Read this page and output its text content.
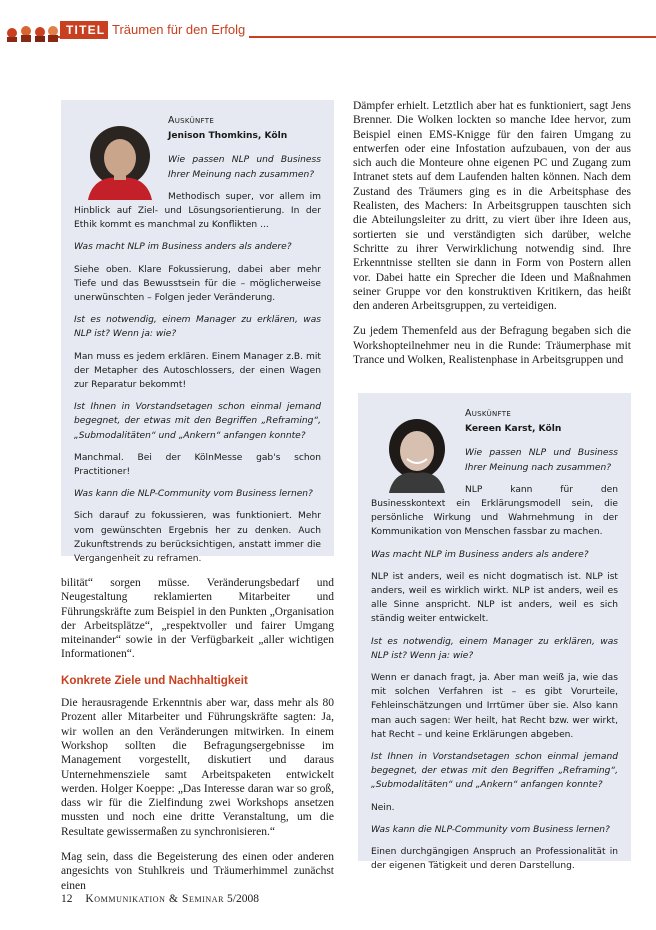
TITEL Träumen für den Erfolg

Auskünfte

Jenison Thomkins, Köln

Wie passen NLP und Business Ihrer Meinung nach zusammen?

Methodisch super, vor allem im Hinblick auf Ziel- und Lösungsorientierung. In der Ethik kommt es manchmal zu Konflikten ...

Was macht NLP im Business anders als andere?

Siehe oben. Klare Fokussierung, dabei aber mehr Tiefe und das Bewusstsein für die – möglicherweise unerwünschten – Folgen jeder Veränderung.

Ist es notwendig, einem Manager zu erklären, was NLP ist? Wenn ja: wie?

Man muss es jedem erklären. Einem Manager z.B. mit der Metapher des Autoschlossers, der einen Wagen zur Reparatur bekommt!

Ist Ihnen in Vorstandsetagen schon einmal jemand begegnet, der etwas mit den Begriffen „Reframing“, „Submodalitäten“ und „Ankern“ anfangen konnte?

Manchmal. Bei der KölnMesse gab's schon Practitioner!

Was kann die NLP-Community vom Business lernen?

Sich darauf zu fokussieren, was funktioniert. Mehr vom gewünschten Ergebnis her zu denken. Auch Zukunftstrends zu berücksichtigen, anstatt immer die Vergangenheit zu reframen.

Dämpfer erhielt. Letztlich aber hat es funktioniert, sagt Jens Brenner. Die Wolken lockten so manche Idee hervor, zum Beispiel einen EMS-Knigge für den fairen Umgang zu entwerfen oder eine Infostation aufzubauen, von der aus sich auch die Monteure ohne eigenen PC und Zugang zum Intranet stets auf dem Laufenden halten können. Nach dem Zustand des Träumers ging es in die Arbeitsphase des Realisten, des Machers: In Arbeitsgruppen tauschten sich die Abteilungsleiter zu dritt, zu viert über ihre Ideen aus, sortierten sie und verständigten sich darüber, welche Schritte zu ihrer Verwirklichung notwendig sind. Ihre Erkenntnisse stellten sie dann in Form von Postern allen vor. Dabei hatte ein Sprecher die Ideen und Maßnahmen seiner Gruppe vor den konstruktiven Kritikern, das heißt den anderen Arbeitsgruppen, zu verteidigen.

Zu jedem Themenfeld aus der Befragung begaben sich die Workshopteilnehmer neu in die Runde: Träumerphase mit Trance und Wolken, Realistenphase in Arbeitsgruppen und

Auskünfte

Kereen Karst, Köln

Wie passen NLP und Business Ihrer Meinung nach zusammen?

NLP kann für den Businesskontext ein Erklärungsmodell sein, die persönliche Wirkung und Wahrnehmung in der Kommunikation von Menschen fassbar zu machen.

Was macht NLP im Business anders als andere?

NLP ist anders, weil es nicht dogmatisch ist. NLP ist anders, weil es wirklich wirkt. NLP ist anders, weil es alle Sinne anspricht. NLP ist anders, weil es sich ständig weiter entwickelt.

Ist es notwendig, einem Manager zu erklären, was NLP ist? Wenn ja: wie?

Wenn er danach fragt, ja. Aber man weiß ja, wie das mit solchen Verfahren ist – es gibt Vorurteile, Fehleinschätzungen und Irrtümer über sie. Also kann man auch sagen: Wer heilt, hat Recht bzw. wer wirkt, hat Recht – und keine Erklärungen abgeben.

Ist Ihnen in Vorstandsetagen schon einmal jemand begegnet, der etwas mit den Begriffen „Reframing“, „Submodalitäten“ und „Ankern“ anfangen konnte?

Nein.

Was kann die NLP-Community vom Business lernen?

Einen durchgängigen Anspruch an Professionalität in der eigenen Tätigkeit und deren Darstellung.

bilität“ sorgen müsse. Veränderungsbedarf und Neugestaltung reklamierten Mitarbeiter und Führungskräfte zum Beispiel in den Punkten „Organisation der Arbeitsplätze“, „respektvoller und fairer Umgang miteinander“ sowie in der Verfügbarkeit „aller wichtigen Informationen“.

Konkrete Ziele und Nachhaltigkeit

Die herausragende Erkenntnis aber war, dass mehr als 80 Prozent aller Mitarbeiter und Führungskräfte sagten: Ja, wir wollen an den Veränderungen mitwirken. In einem Workshop sollten die Befragungsergebnisse im Management vorgestellt, diskutiert und daraus Unternehmensziele samt Arbeitspaketen entwickelt werden. Holger Koeppe: „Das Interesse daran war so groß, dass wir für die Zielfindung zwei Workshops ansetzen mussten und noch eine dritte Veranstaltung, um die Resultate gewissermaßen zu synchronisieren.“

Mag sein, dass die Begeisterung des einen oder anderen angesichts von Stuhlkreis und Träumerhimmel zunächst einen

12 Kommunikation & Seminar 5/2008
